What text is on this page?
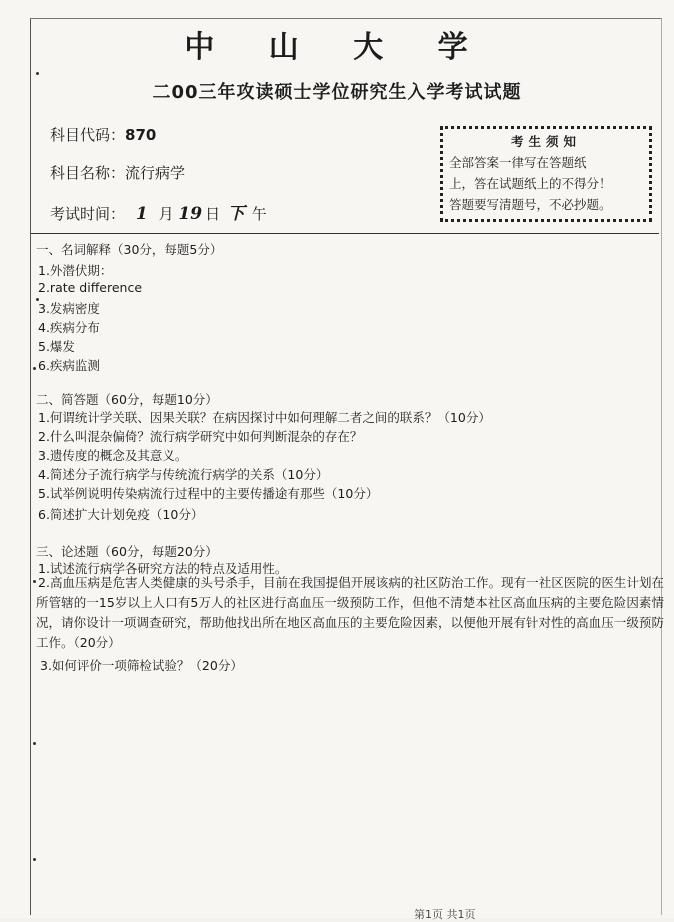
中 山 大 学
二00三年攻读硕士学位研究生入学考试试题
科目代码：870
科目名称：流行病学
考试时间： 1 月 19 日 下 午
考生须知
全部答案一律写在答题纸
上，答在试题纸上的不得分！
答题要写清题号，不必抄题。
一、名词解释（30分，每题5分）
1.外潜伏期：
2.rate difference
3.发病密度
4.疾病分布
5.爆发
6.疾病监测
二、简答题（60分，每题10分）
1.何谓统计学关联、因果关联？在病因探讨中如何理解二者之间的联系？（10分）
2.什么叫混杂偏倚？流行病学研究中如何判断混杂的存在？
3.遗传度的概念及其意义。
4.简述分子流行病学与传统流行病学的关系（10分）
5.试举例说明传染病流行过程中的主要传播途有那些（10分）
6.简述扩大计划免疫（10分）
三、论述题（60分，每题20分）
1.试述流行病学各研究方法的特点及适用性。
2.高血压病是危害人类健康的头号杀手，目前在我国提倡开展该病的社区防治工作。现有一社区医院的医生计划在所管辖的一15岁以上人口有5万人的社区进行高血压一级预防工作，但他不清楚本社区高血压病的主要危险因素情况，请你设计一项调查研究，帮助他找出所在地区高血压的主要危险因素，以便他开展有针对性的高血压一级预防工作。（20分）
3.如何评价一项筛检试验？（20分）
第1页 共1页
